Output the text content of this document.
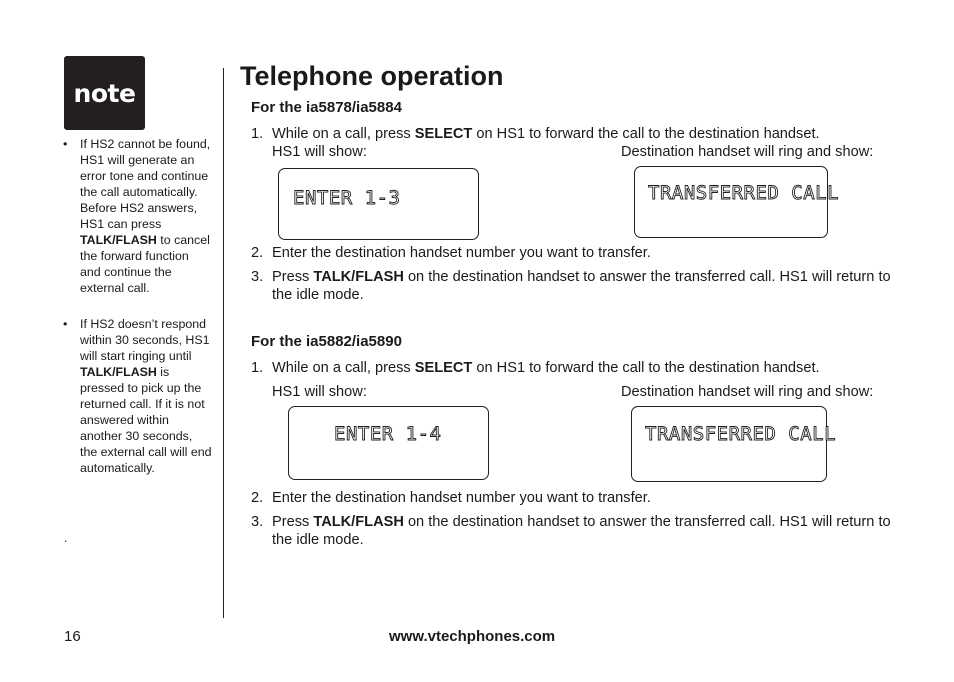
note
• If HS2 cannot be found, HS1 will generate an error tone and continue the call automatically. Before HS2 answers, HS1 can press TALK/FLASH to cancel the forward function and continue the external call.
• If HS2 doesn’t respond within 30 seconds, HS1 will start ringing until TALK/FLASH is pressed to pick up the returned call. If it is not answered within another 30 seconds, the external call will end automatically.
.
Telephone operation
For the ia5878/ia5884
1. While on a call, press SELECT on HS1 to forward the call to the destination handset.
HS1 will show:	Destination handset will ring and show:
ENTER 1-3	TRANSFERRED CALL
2. Enter the destination handset number you want to transfer.
3. Press TALK/FLASH on the destination handset to answer the transferred call. HS1 will return to the idle mode.
For the ia5882/ia5890
1. While on a call, press SELECT on HS1 to forward the call to the destination handset.
HS1 will show:	Destination handset will ring and show:
ENTER 1-4	TRANSFERRED CALL
2. Enter the destination handset number you want to transfer.
3. Press TALK/FLASH on the destination handset to answer the transferred call. HS1 will return to the idle mode.
16	www.vtechphones.com
